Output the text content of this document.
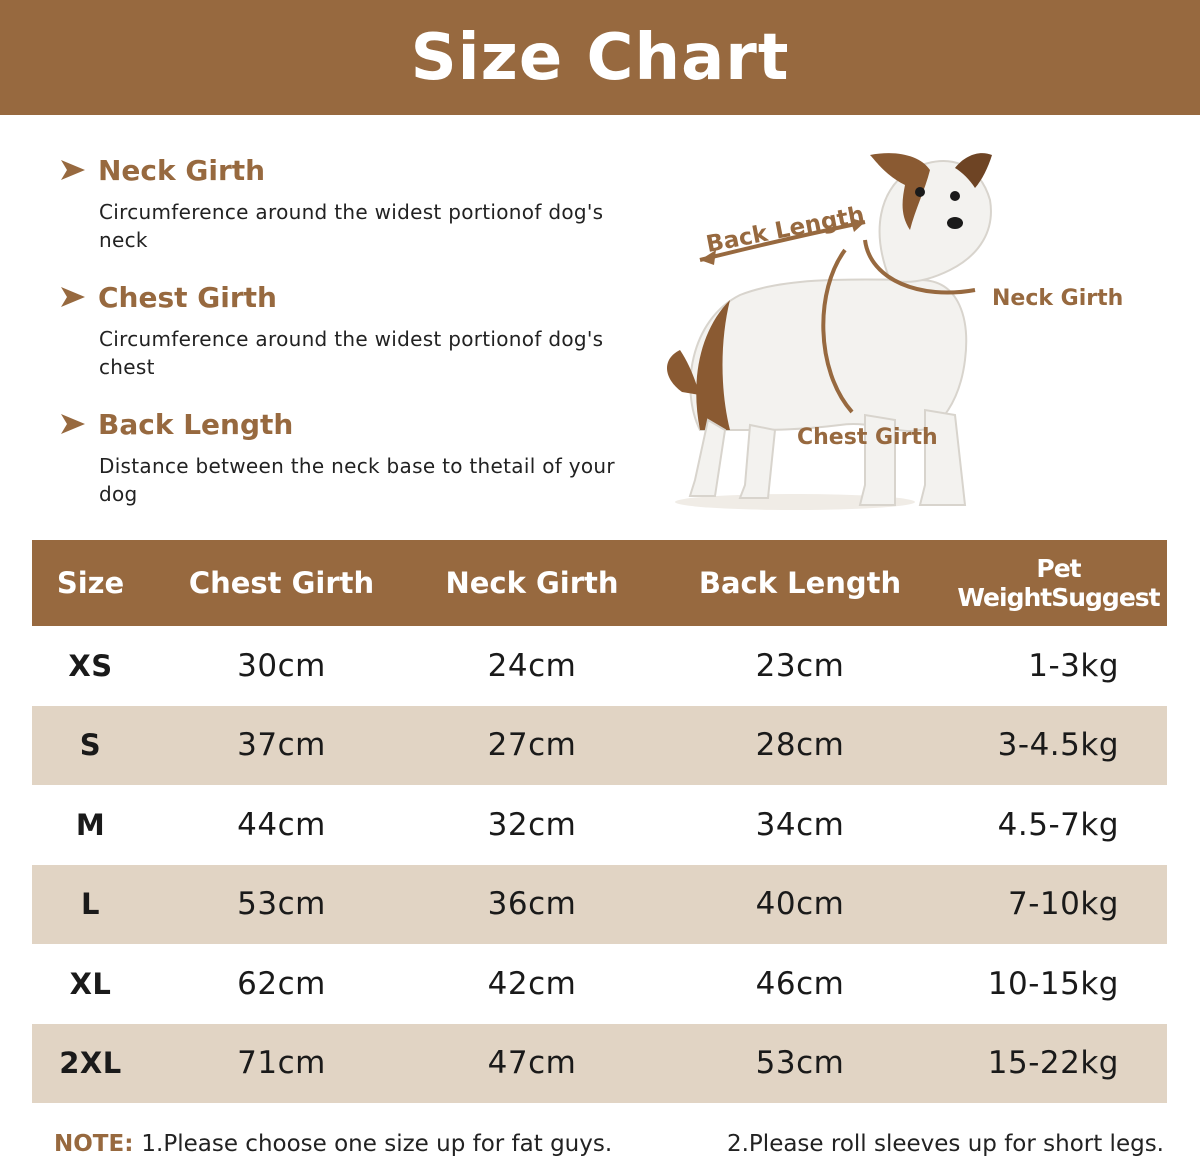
Size Chart
Neck Girth
Circumference around the widest portionof dog's neck
Chest Girth
Circumference around the widest portionof dog's chest
Back Length
Distance between the neck base to thetail of your dog
Back Length
Neck Girth
Chest Girth
Size	Chest Girth	Neck Girth	Back Length	Pet WeightSuggest
XS	30cm	24cm	23cm	1-3kg
S	37cm	27cm	28cm	3-4.5kg
M	44cm	32cm	34cm	4.5-7kg
L	53cm	36cm	40cm	7-10kg
XL	62cm	42cm	46cm	10-15kg
2XL	71cm	47cm	53cm	15-22kg
NOTE: 1.Please choose one size up for fat guys.	2.Please roll sleeves up for short legs.
